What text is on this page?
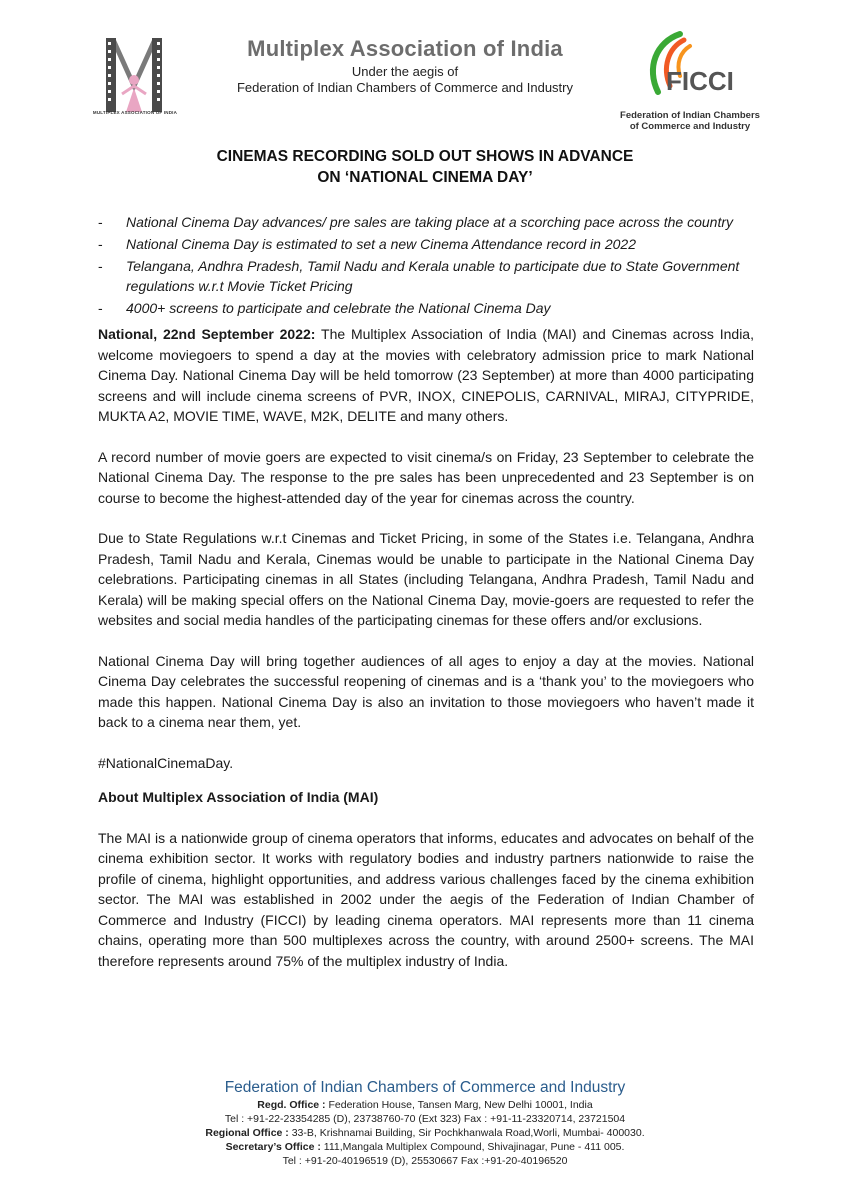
MULTIPLEX ASSOCIATION OF INDIA
Multiplex Association of India
Under the aegis of
Federation of Indian Chambers of Commerce and Industry	FICCI
Federation of Indian Chambers
of Commerce and Industry
CINEMAS RECORDING SOLD OUT SHOWS IN ADVANCE
ON ‘NATIONAL CINEMA DAY’
- National Cinema Day advances/ pre sales are taking place at a scorching pace across the country
- National Cinema Day is estimated to set a new Cinema Attendance record in 2022
- Telangana, Andhra Pradesh, Tamil Nadu and Kerala unable to participate due to State Government regulations w.r.t Movie Ticket Pricing
- 4000+ screens to participate and celebrate the National Cinema Day

National, 22nd September 2022: The Multiplex Association of India (MAI) and Cinemas across India, welcome moviegoers to spend a day at the movies with celebratory admission price to mark National Cinema Day. National Cinema Day will be held tomorrow (23 September) at more than 4000 participating screens and will include cinema screens of PVR, INOX, CINEPOLIS, CARNIVAL, MIRAJ, CITYPRIDE, MUKTA A2, MOVIE TIME, WAVE, M2K, DELITE and many others.

A record number of movie goers are expected to visit cinema/s on Friday, 23 September to celebrate the National Cinema Day. The response to the pre sales has been unprecedented and 23 September is on course to become the highest-attended day of the year for cinemas across the country.

Due to State Regulations w.r.t Cinemas and Ticket Pricing, in some of the States i.e. Telangana, Andhra Pradesh, Tamil Nadu and Kerala, Cinemas would be unable to participate in the National Cinema Day celebrations. Participating cinemas in all States (including Telangana, Andhra Pradesh, Tamil Nadu and Kerala) will be making special offers on the National Cinema Day, movie-goers are requested to refer the websites and social media handles of the participating cinemas for these offers and/or exclusions.

National Cinema Day will bring together audiences of all ages to enjoy a day at the movies. National Cinema Day celebrates the successful reopening of cinemas and is a ‘thank you’ to the moviegoers who made this happen. National Cinema Day is also an invitation to those moviegoers who haven’t made it back to a cinema near them, yet.

#NationalCinemaDay.

About Multiplex Association of India (MAI)

The MAI is a nationwide group of cinema operators that informs, educates and advocates on behalf of the cinema exhibition sector. It works with regulatory bodies and industry partners nationwide to raise the profile of cinema, highlight opportunities, and address various challenges faced by the cinema exhibition sector. The MAI was established in 2002 under the aegis of the Federation of Indian Chamber of Commerce and Industry (FICCI) by leading cinema operators. MAI represents more than 11 cinema chains, operating more than 500 multiplexes across the country, with around 2500+ screens. The MAI therefore represents around 75% of the multiplex industry of India.

Federation of Indian Chambers of Commerce and Industry
Regd. Office : Federation House, Tansen Marg, New Delhi 10001, India
Tel : +91-22-23354285 (D), 23738760-70 (Ext 323) Fax : +91-11-23320714, 23721504
Regional Office : 33-B, Krishnamai Building, Sir Pochkhanwala Road,Worli, Mumbai- 400030.
Secretary’s Office : 111,Mangala Multiplex Compound, Shivajinagar, Pune - 411 005.
Tel : +91-20-40196519 (D), 25530667 Fax :+91-20-40196520
